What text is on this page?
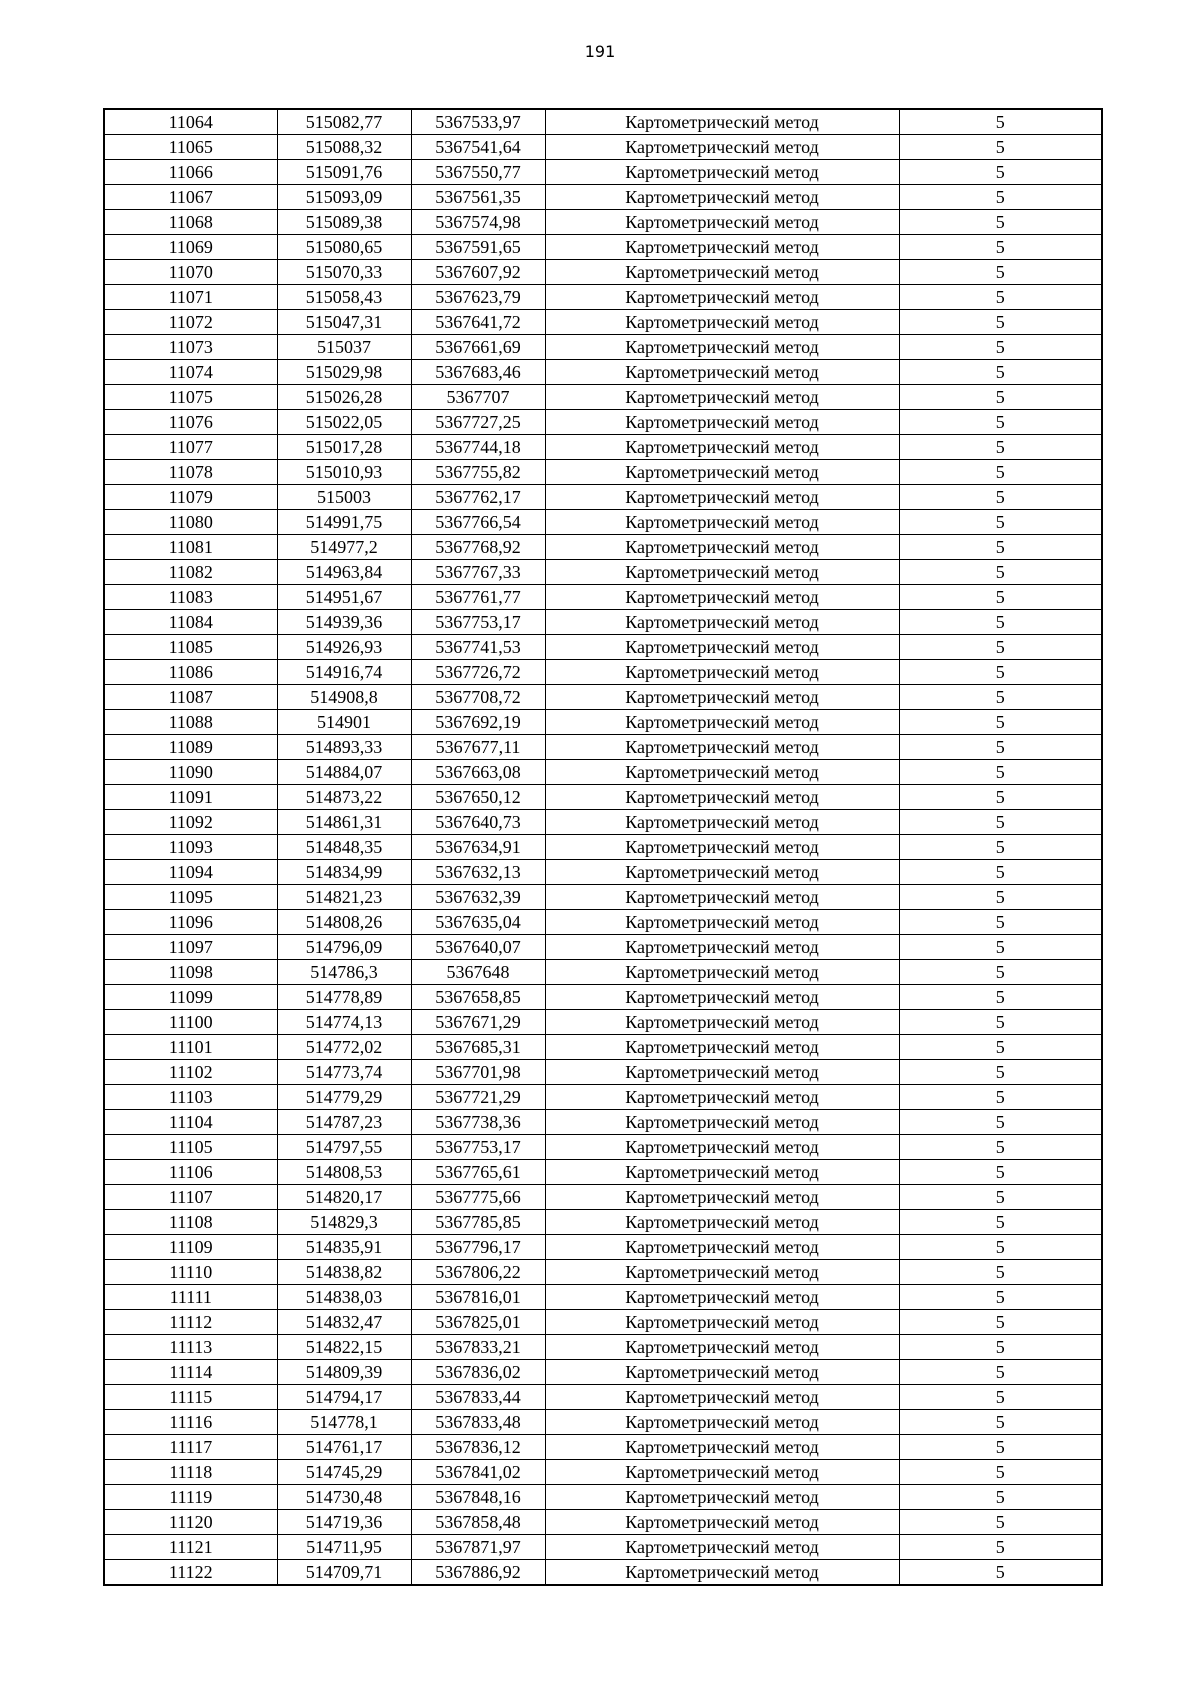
191
11064	515082,77	5367533,97	Картометрический метод	5
11065	515088,32	5367541,64	Картометрический метод	5
11066	515091,76	5367550,77	Картометрический метод	5
11067	515093,09	5367561,35	Картометрический метод	5
11068	515089,38	5367574,98	Картометрический метод	5
11069	515080,65	5367591,65	Картометрический метод	5
11070	515070,33	5367607,92	Картометрический метод	5
11071	515058,43	5367623,79	Картометрический метод	5
11072	515047,31	5367641,72	Картометрический метод	5
11073	515037	5367661,69	Картометрический метод	5
11074	515029,98	5367683,46	Картометрический метод	5
11075	515026,28	5367707	Картометрический метод	5
11076	515022,05	5367727,25	Картометрический метод	5
11077	515017,28	5367744,18	Картометрический метод	5
11078	515010,93	5367755,82	Картометрический метод	5
11079	515003	5367762,17	Картометрический метод	5
11080	514991,75	5367766,54	Картометрический метод	5
11081	514977,2	5367768,92	Картометрический метод	5
11082	514963,84	5367767,33	Картометрический метод	5
11083	514951,67	5367761,77	Картометрический метод	5
11084	514939,36	5367753,17	Картометрический метод	5
11085	514926,93	5367741,53	Картометрический метод	5
11086	514916,74	5367726,72	Картометрический метод	5
11087	514908,8	5367708,72	Картометрический метод	5
11088	514901	5367692,19	Картометрический метод	5
11089	514893,33	5367677,11	Картометрический метод	5
11090	514884,07	5367663,08	Картометрический метод	5
11091	514873,22	5367650,12	Картометрический метод	5
11092	514861,31	5367640,73	Картометрический метод	5
11093	514848,35	5367634,91	Картометрический метод	5
11094	514834,99	5367632,13	Картометрический метод	5
11095	514821,23	5367632,39	Картометрический метод	5
11096	514808,26	5367635,04	Картометрический метод	5
11097	514796,09	5367640,07	Картометрический метод	5
11098	514786,3	5367648	Картометрический метод	5
11099	514778,89	5367658,85	Картометрический метод	5
11100	514774,13	5367671,29	Картометрический метод	5
11101	514772,02	5367685,31	Картометрический метод	5
11102	514773,74	5367701,98	Картометрический метод	5
11103	514779,29	5367721,29	Картометрический метод	5
11104	514787,23	5367738,36	Картометрический метод	5
11105	514797,55	5367753,17	Картометрический метод	5
11106	514808,53	5367765,61	Картометрический метод	5
11107	514820,17	5367775,66	Картометрический метод	5
11108	514829,3	5367785,85	Картометрический метод	5
11109	514835,91	5367796,17	Картометрический метод	5
11110	514838,82	5367806,22	Картометрический метод	5
11111	514838,03	5367816,01	Картометрический метод	5
11112	514832,47	5367825,01	Картометрический метод	5
11113	514822,15	5367833,21	Картометрический метод	5
11114	514809,39	5367836,02	Картометрический метод	5
11115	514794,17	5367833,44	Картометрический метод	5
11116	514778,1	5367833,48	Картометрический метод	5
11117	514761,17	5367836,12	Картометрический метод	5
11118	514745,29	5367841,02	Картометрический метод	5
11119	514730,48	5367848,16	Картометрический метод	5
11120	514719,36	5367858,48	Картометрический метод	5
11121	514711,95	5367871,97	Картометрический метод	5
11122	514709,71	5367886,92	Картометрический метод	5
